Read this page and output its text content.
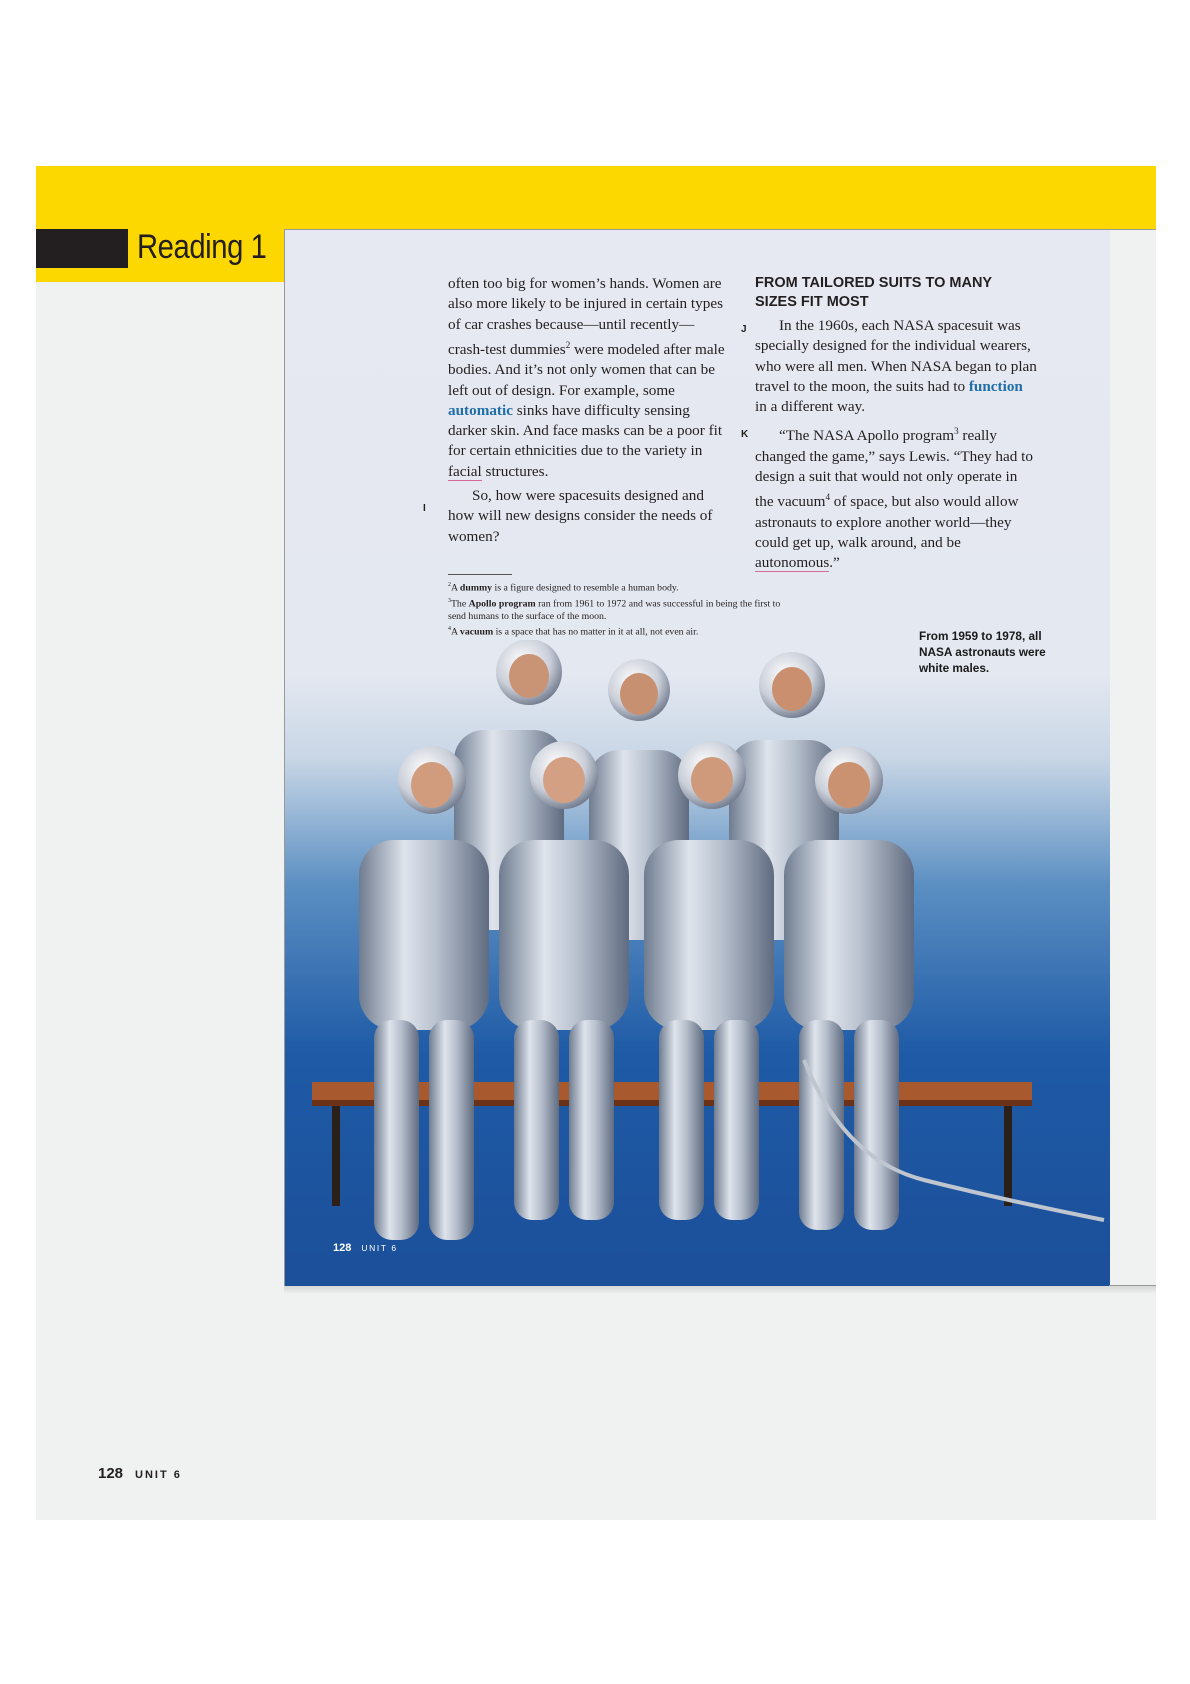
Reading 1

often too big for women’s hands. Women are also more likely to be injured in certain types of car crashes because—until recently—crash-test dummies$^2$ were modeled after male bodies. And it’s not only women that can be left out of design. For example, some automatic sinks have difficulty sensing darker skin. And face masks can be a poor fit for certain ethnicities due to the variety in facial structures.

So, how were spacesuits designed and how will new designs consider the needs of women?

I
FROM TAILORED SUITS TO MANY SIZES FIT MOST

In the 1960s, each NASA spacesuit was specially designed for the individual wearers, who were all men. When NASA began to plan travel to the moon, the suits had to function in a different way.

“The NASA Apollo program$^3$ really changed the game,” says Lewis. “They had to design a suit that would not only operate in the vacuum$^4$ of space, but also would allow astronauts to explore another world—they could get up, walk around, and be autonomous.”

J
K

$^2$A dummy is a figure designed to resemble a human body.

$^3$The Apollo program ran from 1961 to 1972 and was successful in being the first to send humans to the surface of the moon.

$^4$A vacuum is a space that has no matter in it at all, not even air.	From 1959 to 1978, all NASA astronauts were white males.
128 UNIT 6
128 UNIT 6
